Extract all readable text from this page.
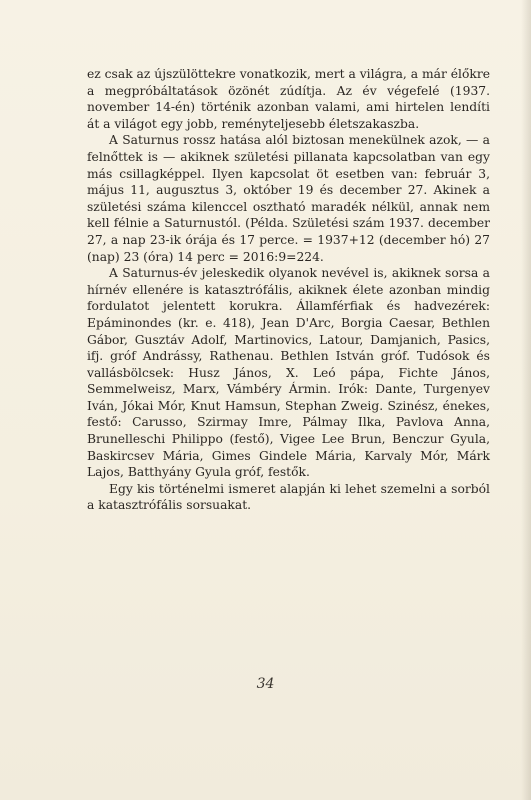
ez csak az újszülöttekre vonatkozik, mert a világra, a már élőkre a megpróbáltatások özönét zúdítja. Az év végefelé (1937. november 14-én) történik azonban valami, ami hirtelen lendíti át a világot egy jobb, reményteljesebb életszakaszba.

A Saturnus rossz hatása alól biztosan menekülnek azok, — a felnőttek is — akiknek születési pillanata kapcsolatban van egy más csillagképpel. Ilyen kapcsolat öt esetben van: február 3, május 11, augusztus 3, október 19 és december 27. Akinek a születési száma kilenccel osztható maradék nélkül, annak nem kell félnie a Saturnustól. (Példa. Születési szám 1937. december 27, a nap 23-ik órája és 17 perce. = 1937+12 (december hó) 27 (nap) 23 (óra) 14 perc = 2016:9=224.

A Saturnus-év jeleskedik olyanok nevével is, akiknek sorsa a hírnév ellenére is katasztrófális, akiknek élete azonban mindig fordulatot jelentett korukra. Államférfiak és hadvezérek: Epáminondes (kr. e. 418), Jean D'Arc, Borgia Caesar, Bethlen Gábor, Gusztáv Adolf, Martinovics, Latour, Damjanich, Pasics, ifj. gróf Andrássy, Rathenau. Bethlen István gróf. Tudósok és vallásbölcsek: Husz János, X. Leó pápa, Fichte János, Semmelweisz, Marx, Vámbéry Ármin. Irók: Dante, Turgenyev Iván, Jókai Mór, Knut Hamsun, Stephan Zweig. Szinész, énekes, festő: Carusso, Szirmay Imre, Pálmay Ilka, Pavlova Anna, Brunelleschi Philippo (festő), Vigee Lee Brun, Benczur Gyula, Baskircsev Mária, Gimes Gindele Mária, Karvaly Mór, Márk Lajos, Batthyány Gyula gróf, festők.

Egy kis történelmi ismeret alapján ki lehet szemelni a sorból a katasztrófális sorsuakat.

34
